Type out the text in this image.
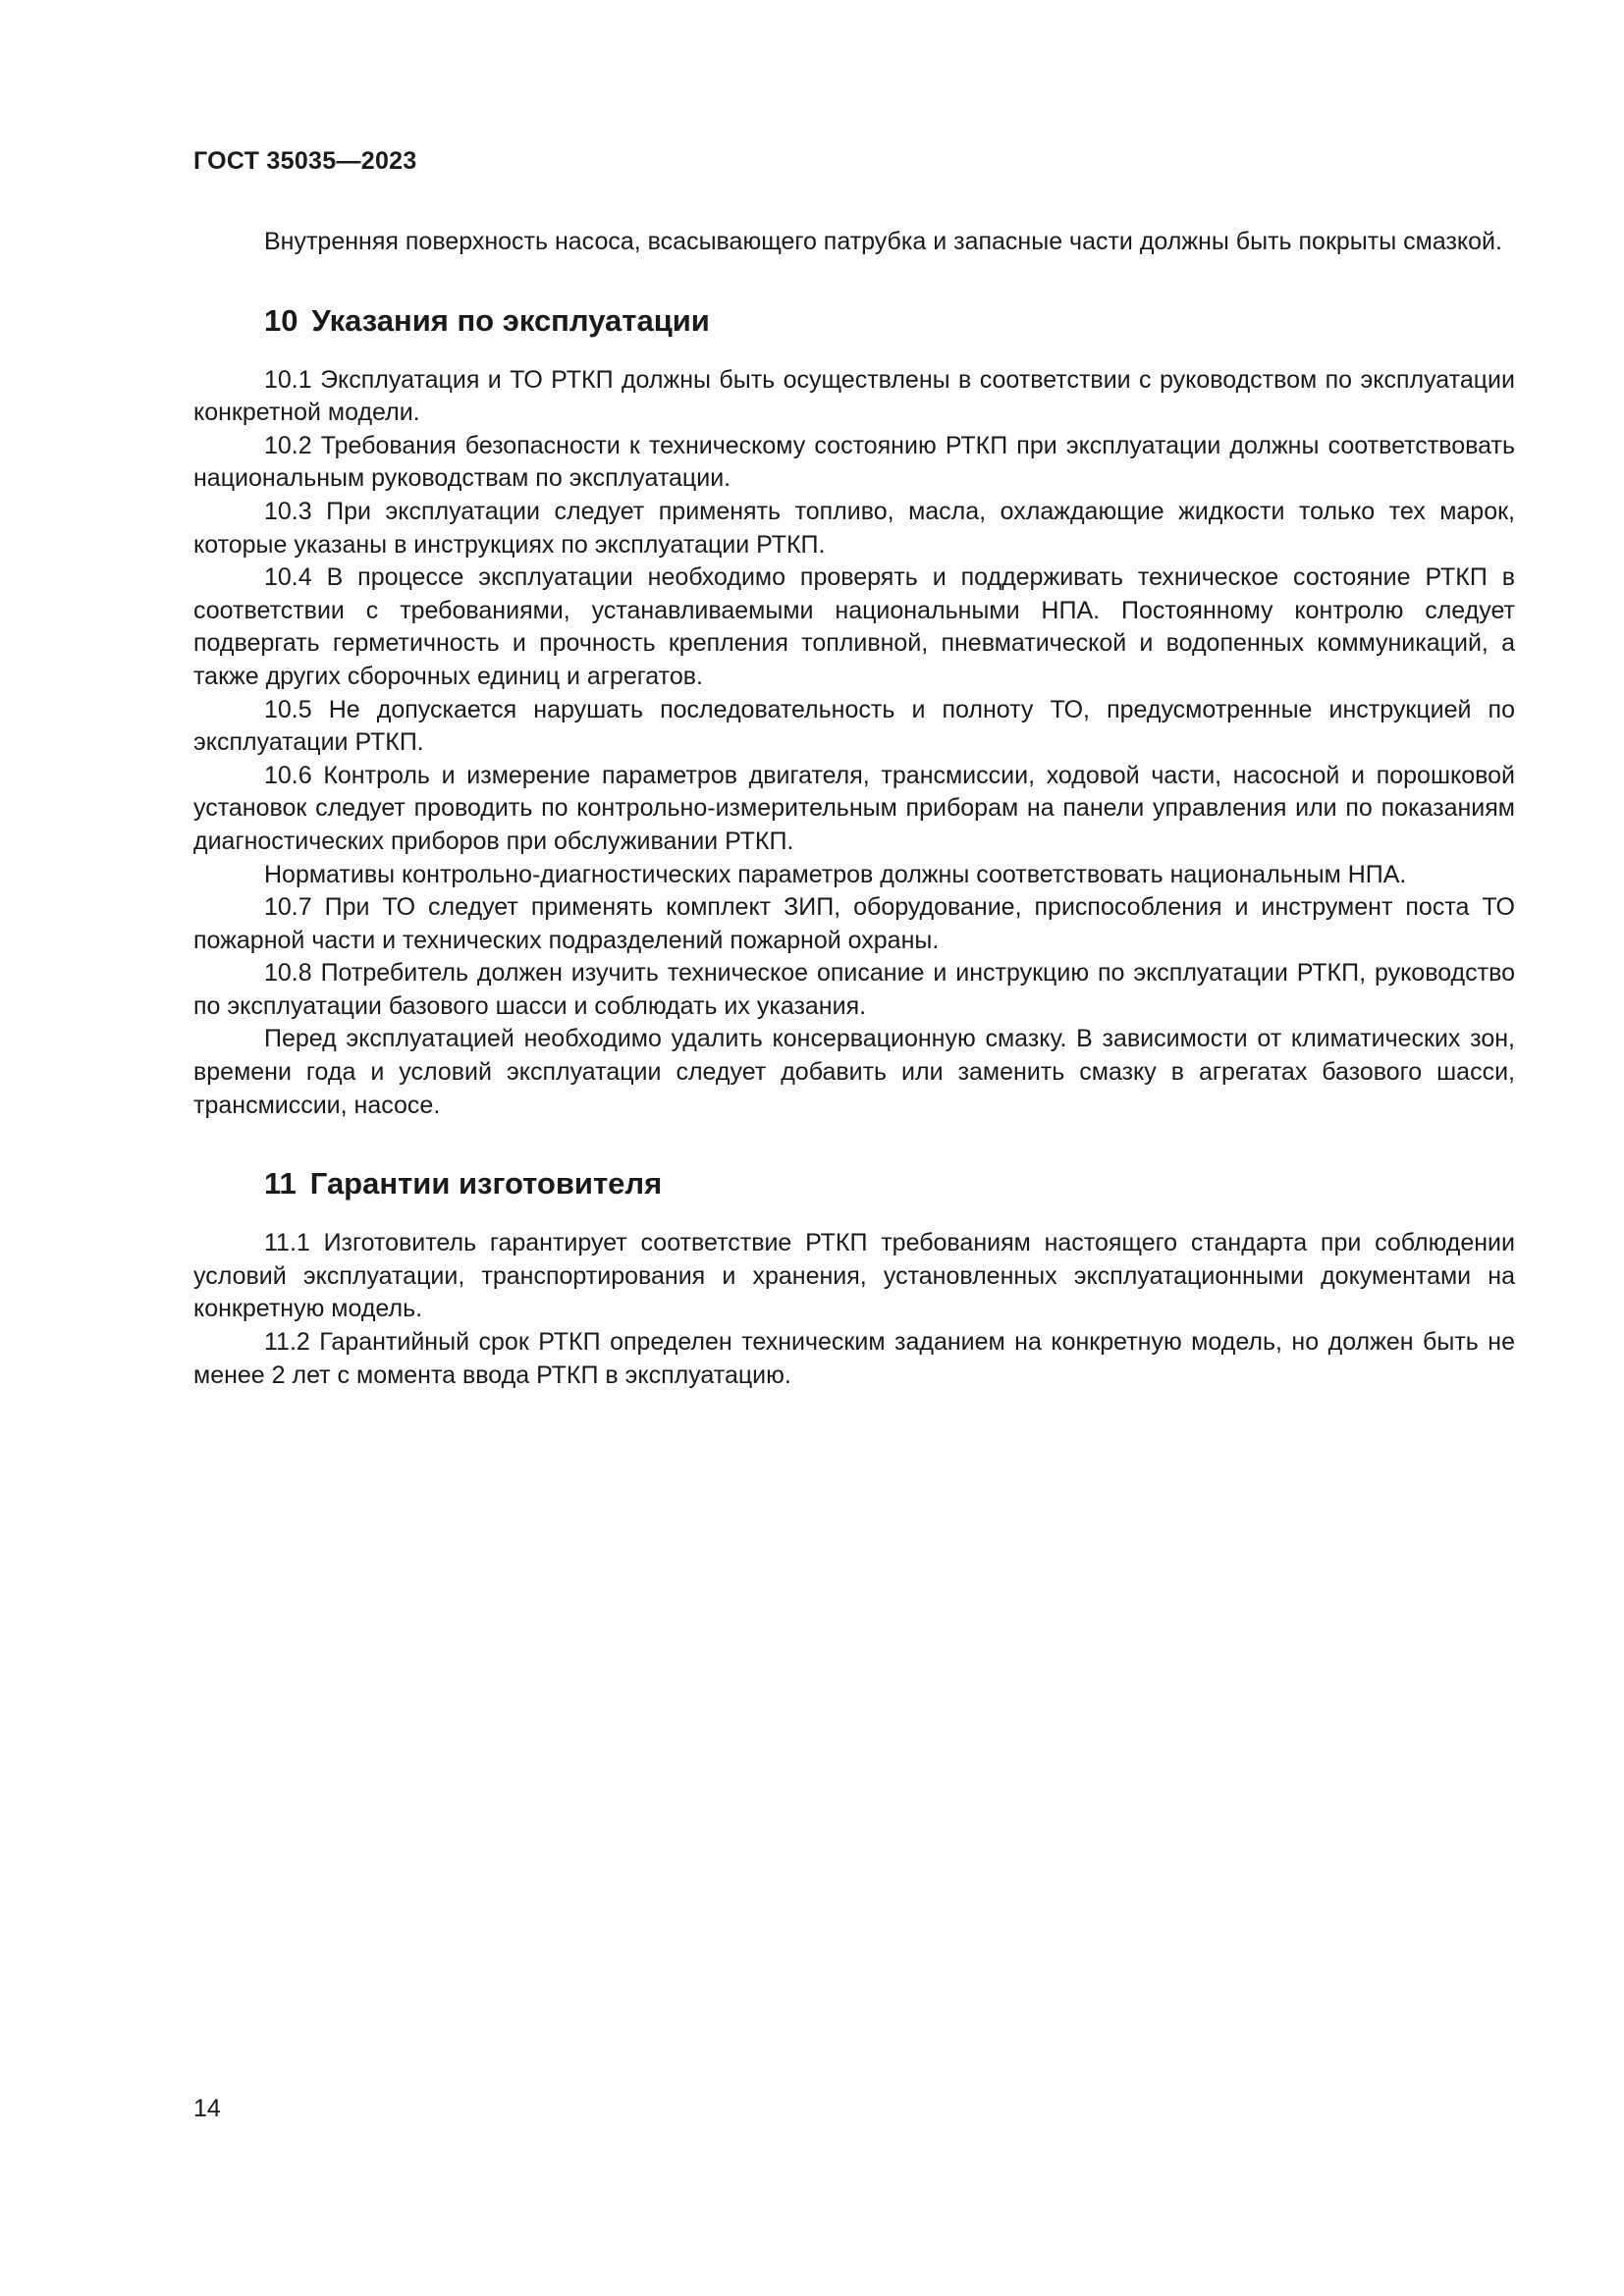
ГОСТ 35035—2023

Внутренняя поверхность насоса, всасывающего патрубка и запасные части должны быть покрыты смазкой.

10 Указания по эксплуатации

10.1 Эксплуатация и ТО РТКП должны быть осуществлены в соответствии с руководством по эксплуатации конкретной модели.

10.2 Требования безопасности к техническому состоянию РТКП при эксплуатации должны соответствовать национальным руководствам по эксплуатации.

10.3 При эксплуатации следует применять топливо, масла, охлаждающие жидкости только тех марок, которые указаны в инструкциях по эксплуатации РТКП.

10.4 В процессе эксплуатации необходимо проверять и поддерживать техническое состояние РТКП в соответствии с требованиями, устанавливаемыми национальными НПА. Постоянному контролю следует подвергать герметичность и прочность крепления топливной, пневматической и водопенных коммуникаций, а также других сборочных единиц и агрегатов.

10.5 Не допускается нарушать последовательность и полноту ТО, предусмотренные инструкцией по эксплуатации РТКП.

10.6 Контроль и измерение параметров двигателя, трансмиссии, ходовой части, насосной и порошковой установок следует проводить по контрольно-измерительным приборам на панели управления или по показаниям диагностических приборов при обслуживании РТКП.

Нормативы контрольно-диагностических параметров должны соответствовать национальным НПА.

10.7 При ТО следует применять комплект ЗИП, оборудование, приспособления и инструмент поста ТО пожарной части и технических подразделений пожарной охраны.

10.8 Потребитель должен изучить техническое описание и инструкцию по эксплуатации РТКП, руководство по эксплуатации базового шасси и соблюдать их указания.

Перед эксплуатацией необходимо удалить консервационную смазку. В зависимости от климатических зон, времени года и условий эксплуатации следует добавить или заменить смазку в агрегатах базового шасси, трансмиссии, насосе.

11 Гарантии изготовителя

11.1 Изготовитель гарантирует соответствие РТКП требованиям настоящего стандарта при соблюдении условий эксплуатации, транспортирования и хранения, установленных эксплуатационными документами на конкретную модель.

11.2 Гарантийный срок РТКП определен техническим заданием на конкретную модель, но должен быть не менее 2 лет с момента ввода РТКП в эксплуатацию.

14
